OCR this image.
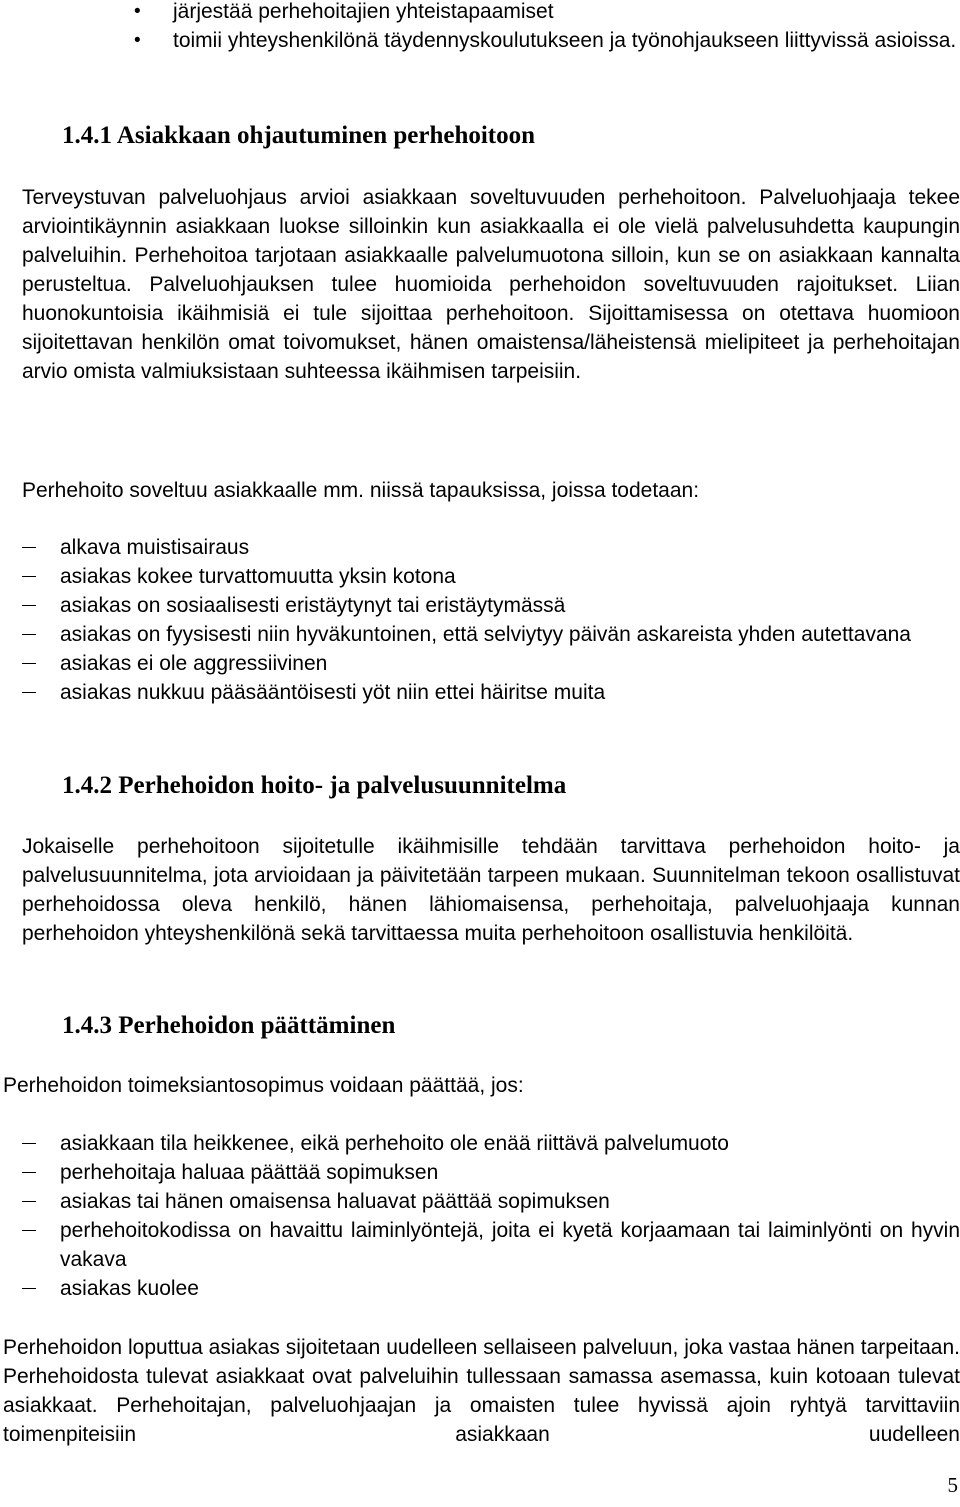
• järjestää perhehoitajien yhteistapaamiset
• toimii yhteyshenkilönä täydennyskoulutukseen ja työnohjaukseen liittyvissä asioissa.
1.4.1 Asiakkaan ohjautuminen perhehoitoon

Terveystuvan palveluohjaus arvioi asiakkaan soveltuvuuden perhehoitoon. Palveluohjaaja tekee arviointikäynnin asiakkaan luokse silloinkin kun asiakkaalla ei ole vielä palvelusuhdetta kaupungin palveluihin. Perhehoitoa tarjotaan asiakkaalle palvelumuotona silloin, kun se on asiakkaan kannalta perusteltua. Palveluohjauksen tulee huomioida perhehoidon soveltuvuuden rajoitukset. Liian huonokuntoisia ikäihmisiä ei tule sijoittaa perhehoitoon. Sijoittamisessa on otettava huomioon sijoitettavan henkilön omat toivomukset, hänen omaistensa/läheistensä mielipiteet ja perhehoitajan arvio omista valmiuksistaan suhteessa ikäihmisen tarpeisiin.

Perhehoito soveltuu asiakkaalle mm. niissä tapauksissa, joissa todetaan:

alkava muistisairaus
asiakas kokee turvattomuutta yksin kotona
asiakas on sosiaalisesti eristäytynyt tai eristäytymässä
asiakas on fyysisesti niin hyväkuntoinen, että selviytyy päivän askareista yhden autettavana
asiakas ei ole aggressiivinen
asiakas nukkuu pääsääntöisesti yöt niin ettei häiritse muita
1.4.2 Perhehoidon hoito- ja palvelusuunnitelma

Jokaiselle perhehoitoon sijoitetulle ikäihmisille tehdään tarvittava perhehoidon hoito- ja palvelusuunnitelma, jota arvioidaan ja päivitetään tarpeen mukaan. Suunnitelman tekoon osallistuvat perhehoidossa oleva henkilö, hänen lähiomaisensa, perhehoitaja, palveluohjaaja kunnan perhehoidon yhteyshenkilönä sekä tarvittaessa muita perhehoitoon osallistuvia henkilöitä.

1.4.3 Perhehoidon päättäminen

Perhehoidon toimeksiantosopimus voidaan päättää, jos:

asiakkaan tila heikkenee, eikä perhehoito ole enää riittävä palvelumuoto
perhehoitaja haluaa päättää sopimuksen
asiakas tai hänen omaisensa haluavat päättää sopimuksen
perhehoitokodissa on havaittu laiminlyöntejä, joita ei kyetä korjaamaan tai laiminlyönti on hyvin vakava
asiakas kuolee

Perhehoidon loputtua asiakas sijoitetaan uudelleen sellaiseen palveluun, joka vastaa hänen tarpeitaan. Perhehoidosta tulevat asiakkaat ovat palveluihin tullessaan samassa asemassa, kuin kotoaan tulevat asiakkaat. Perhehoitajan, palveluohjaajan ja omaisten tulee hyvissä ajoin ryhtyä tarvittaviin toimenpiteisiin asiakkaan uudelleen

5
